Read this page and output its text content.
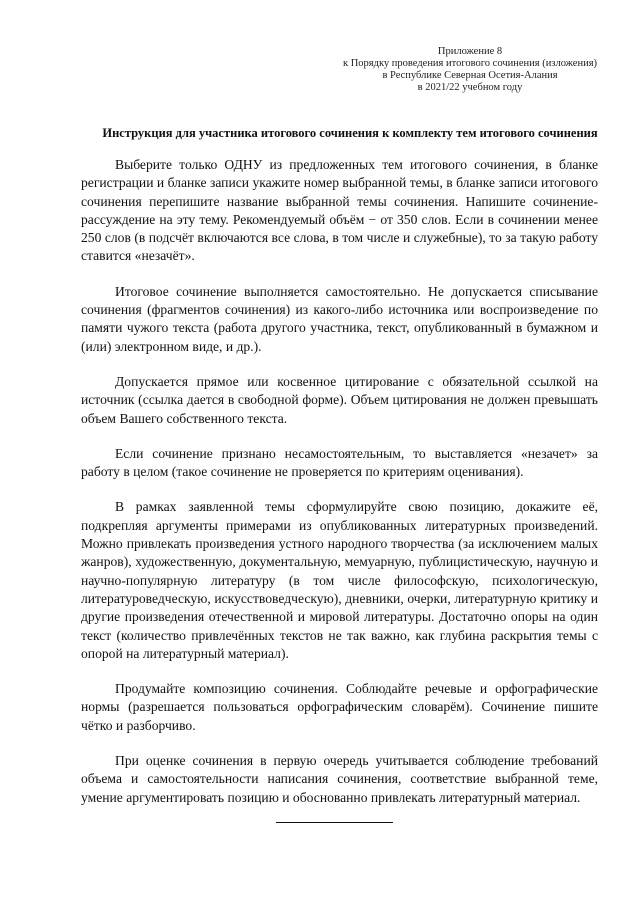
Приложение 8
к Порядку проведения итогового сочинения (изложения)
в Республике Северная Осетия-Алания
в 2021/22 учебном году
Инструкция для участника итогового сочинения к комплекту тем итогового сочинения

Выберите только ОДНУ из предложенных тем итогового сочинения, в бланке регистрации и бланке записи укажите номер выбранной темы, в бланке записи итогового сочинения перепишите название выбранной темы сочинения. Напишите сочинение-рассуждение на эту тему. Рекомендуемый объём − от 350 слов. Если в сочинении менее 250 слов (в подсчёт включаются все слова, в том числе и служебные), то за такую работу ставится «незачёт».

Итоговое сочинение выполняется самостоятельно. Не допускается списывание сочинения (фрагментов сочинения) из какого-либо источника или воспроизведение по памяти чужого текста (работа другого участника, текст, опубликованный в бумажном и (или) электронном виде, и др.).

Допускается прямое или косвенное цитирование с обязательной ссылкой на источник (ссылка дается в свободной форме). Объем цитирования не должен превышать объем Вашего собственного текста.

Если сочинение признано несамостоятельным, то выставляется «незачет» за работу в целом (такое сочинение не проверяется по критериям оценивания).

В рамках заявленной темы сформулируйте свою позицию, докажите её, подкрепляя аргументы примерами из опубликованных литературных произведений. Можно привлекать произведения устного народного творчества (за исключением малых жанров), художественную, документальную, мемуарную, публицистическую, научную и научно-популярную литературу (в том числе философскую, психологическую, литературоведческую, искусствоведческую), дневники, очерки, литературную критику и другие произведения отечественной и мировой литературы. Достаточно опоры на один текст (количество привлечённых текстов не так важно, как глубина раскрытия темы с опорой на литературный материал).

Продумайте композицию сочинения. Соблюдайте речевые и орфографические нормы (разрешается пользоваться орфографическим словарём). Сочинение пишите чётко и разборчиво.

При оценке сочинения в первую очередь учитывается соблюдение требований объема и самостоятельности написания сочинения, соответствие выбранной теме, умение аргументировать позицию и обоснованно привлекать литературный материал.
